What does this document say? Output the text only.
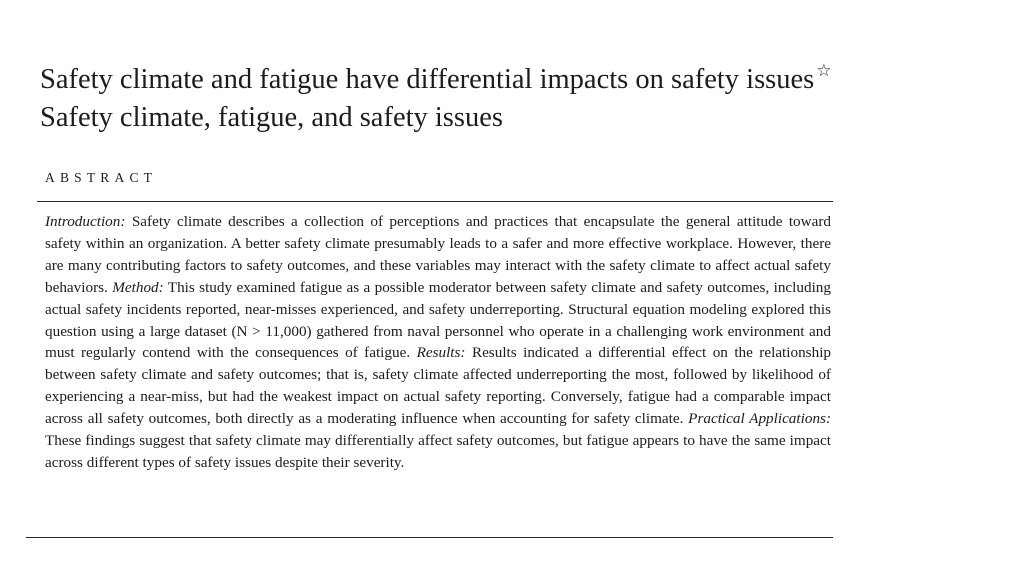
Safety climate and fatigue have differential impacts on safety issues ☆
Safety climate, fatigue, and safety issues
ABSTRACT
Introduction: Safety climate describes a collection of perceptions and practices that encapsulate the general attitude toward safety within an organization. A better safety climate presumably leads to a safer and more effective workplace. However, there are many contributing factors to safety outcomes, and these variables may interact with the safety climate to affect actual safety behaviors. Method: This study examined fatigue as a possible moderator between safety climate and safety outcomes, including actual safety incidents reported, near-misses experienced, and safety underreporting. Structural equation modeling explored this question using a large dataset (N > 11,000) gathered from naval personnel who operate in a challenging work environment and must regularly contend with the consequences of fatigue. Results: Results indicated a differential effect on the relationship between safety climate and safety outcomes; that is, safety climate affected underreporting the most, followed by likelihood of experiencing a near-miss, but had the weakest impact on actual safety reporting. Conversely, fatigue had a comparable impact across all safety outcomes, both directly as a moderating influence when accounting for safety climate. Practical Applications: These findings suggest that safety climate may differentially affect safety outcomes, but fatigue appears to have the same impact across different types of safety issues despite their severity.
